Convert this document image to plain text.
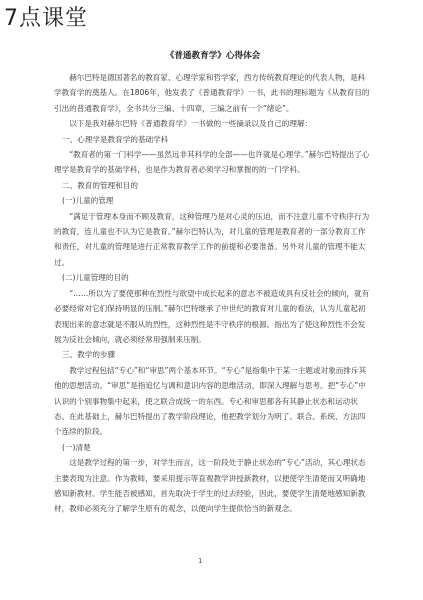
7点课堂
《普通教育学》心得体会
赫尔巴特是德国著名的教育家、心理学家和哲学家，西方传统教育理论的代表人物，是科学教育学的奠基人。在1806年，他发表了《普通教育学》一书，此书的理标题为《从教育目的引出的普通教育学》，全书共分三编、十四章，三编之前有一个“绪论”。
以下是我对赫尔巴特《普通教育学》一书做的一些摘录以及自己的理解：
一、心理学是教育学的基础学科
“教育者的第一门科学——虽然远非其科学的全部——也许就是心理学。”赫尔巴特提出了心理学是教育学的基础学科，也是作为教育者必须学习和掌握的的一门学科。
二、教育的管理和目的
(一)儿童的管理
“满足于管理本身而不顾及教育，这种管理乃是对心灵的压迫，而不注意儿童不守秩序行为的教育，连儿童也不认为它是教育。”赫尔巴特认为，对儿童的管理是教育者的一部分教育工作和责任，对儿童的管理是进行正常教育教学工作的前提和必要准备。另外对儿童的管理不能太过。
(二)儿童管理的目的
“……所以为了要使那种在烈性与欲望中成长起来的意志不被造成具有反社会的倾向，就有必要经常对它们保持明显的压制。”赫尔巴特继承了中世纪的教育对儿童的看法，认为儿童起初表现出来的意志就是不服从的烈性，这种烈性是不守秩序的根源。指出为了使这种烈性不会发展为反社会倾向，就必须经常用强制来压制。
三、教学的步骤
教学过程包括“专心”和“审思”两个基本环节。“专心”是指集中于某一主题或对象而排斥其他的思想活动。“审思”是指追忆与调和意识内容的思维活动，即深入理解与思考。把“专心”中认识的个别事物集中起来，使之联合成统一的东西。专心和审思都各有其静止状态和运动状态。在此基础上，赫尔巴特提出了教学阶段理论，他把教学划分为明了、联合、系统、方法四个连续的阶段。
(一)清楚
这是教学过程的第一步，对学生而言，这一阶段处于静止状态的“专心”活动，其心理状态主要表现为注意。作为教师，要采用提示等直观教学讲授新教材，以便使学生清楚而又明确地感知新教材。学生能否被感知，首先取决于学生的过去经验，因此，要使学生清楚地感知新教材，教师必须充分了解学生原有的观念，以便向学生提供恰当的新观念。
1
